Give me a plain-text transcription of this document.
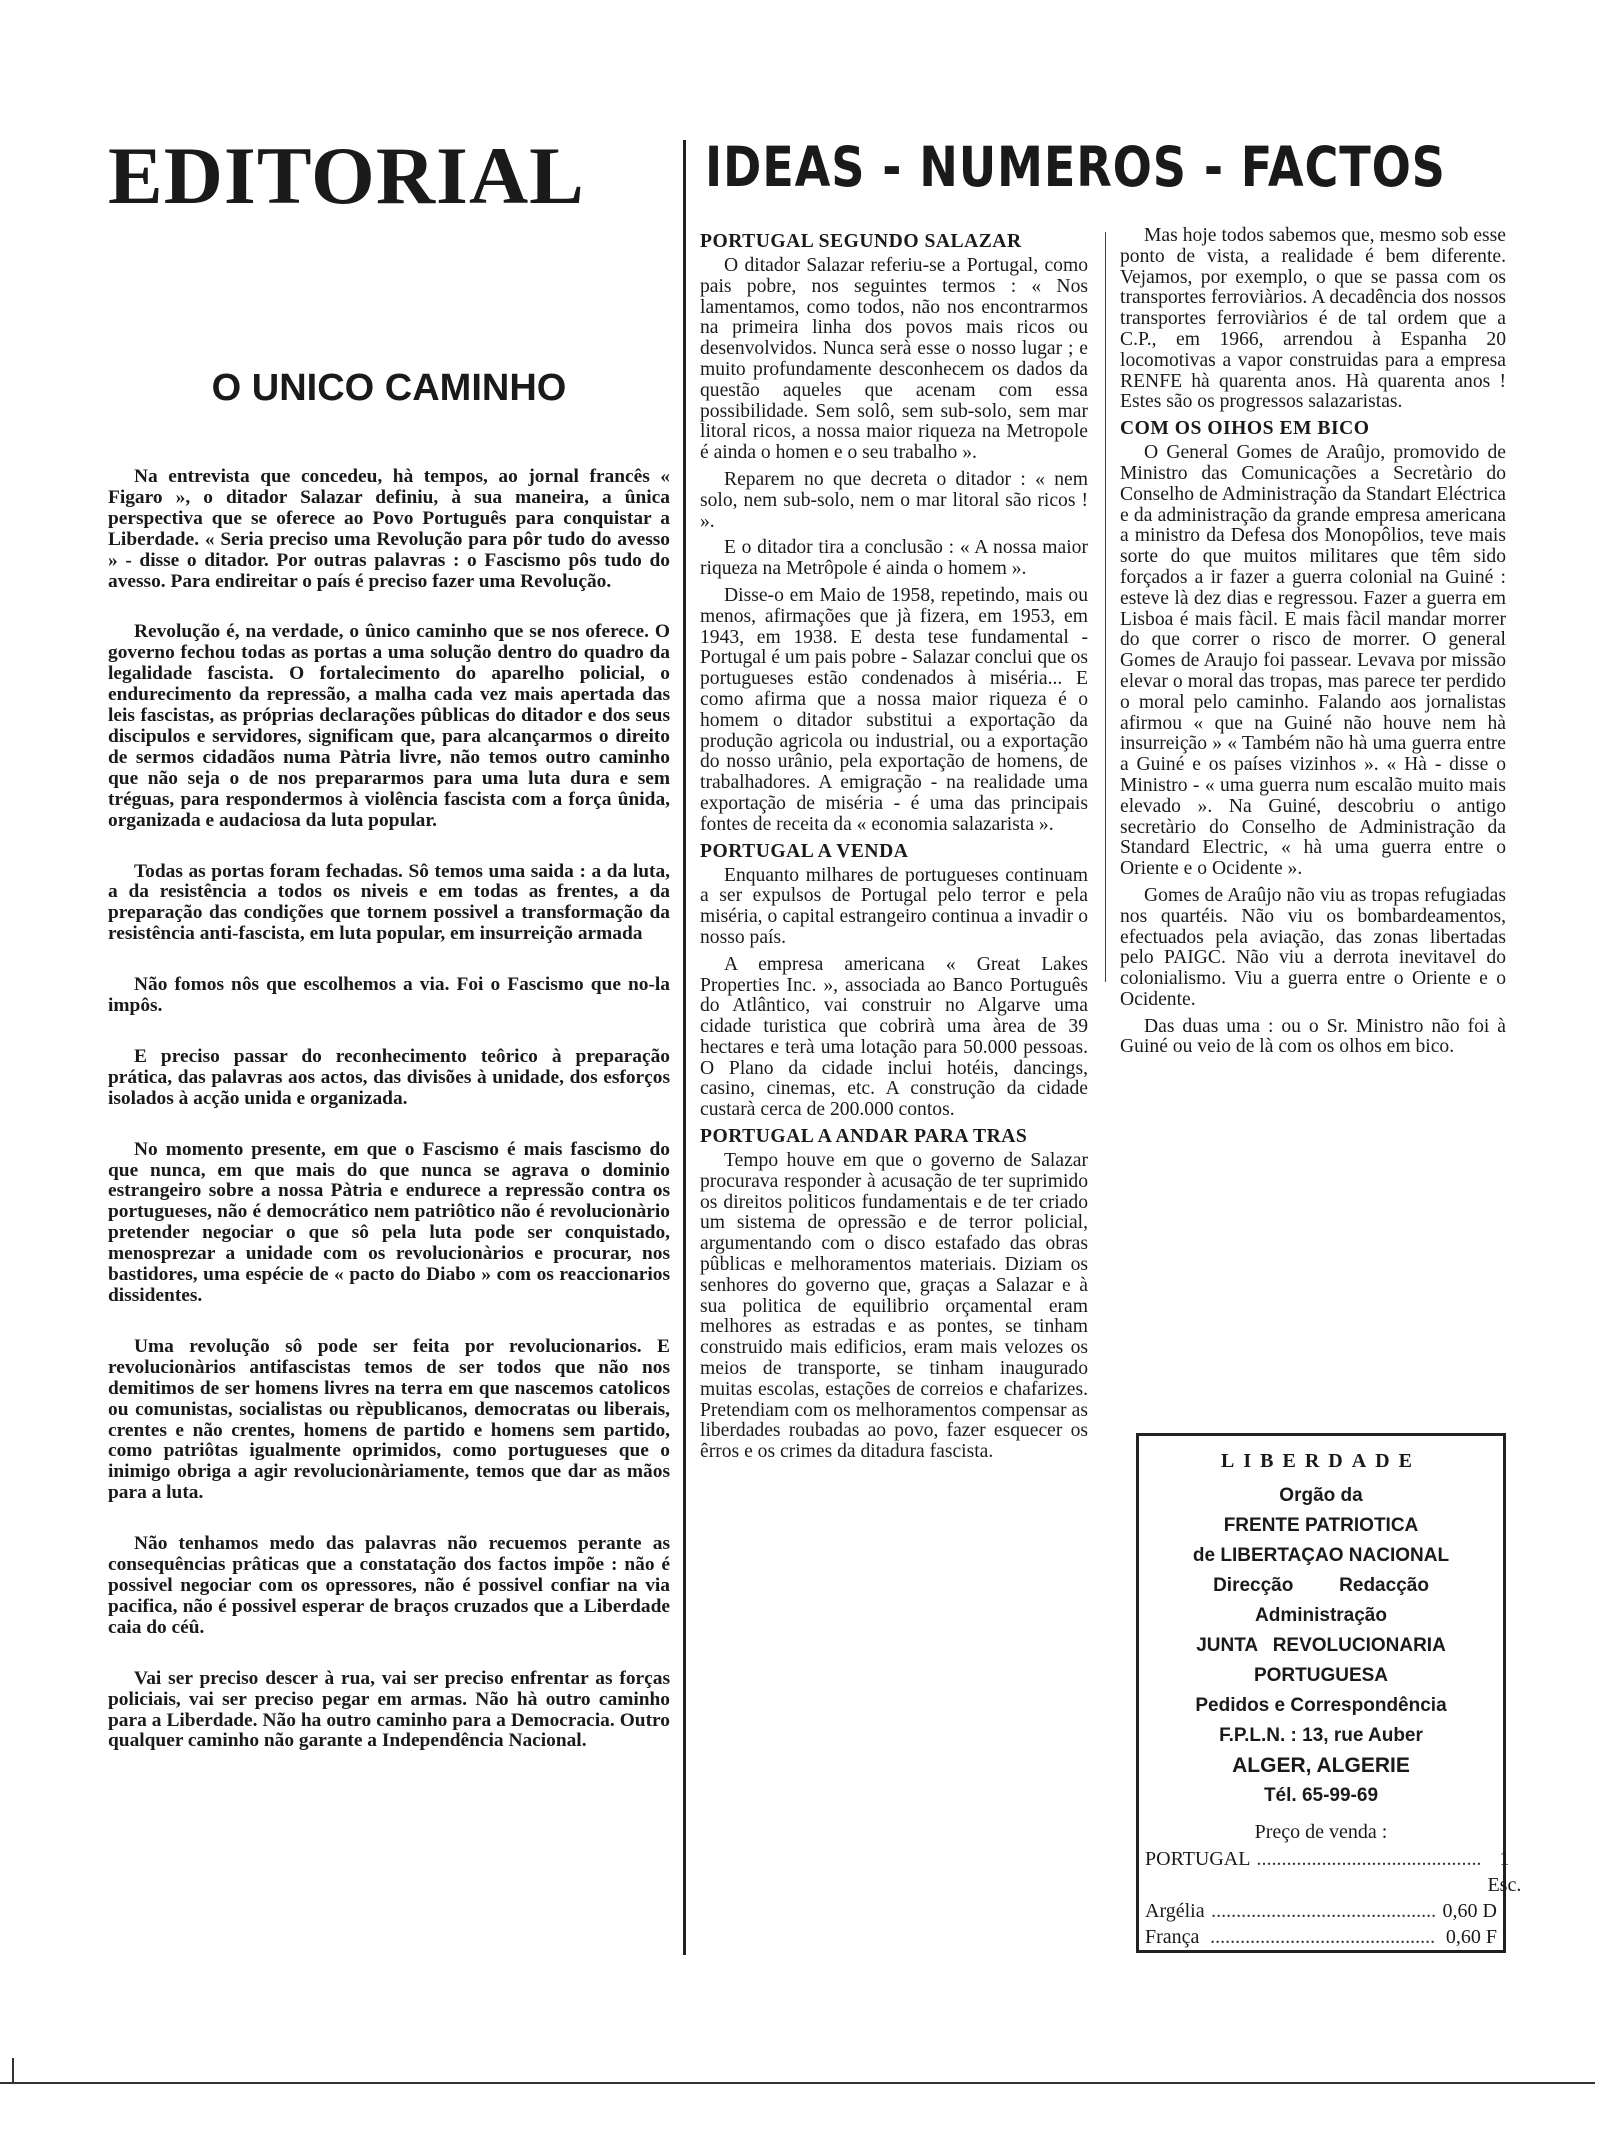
EDITORIAL
O UNICO CAMINHO

Na entrevista que concedeu, hà tempos, ao jornal francês « Figaro », o ditador Salazar definiu, à sua maneira, a ûnica perspectiva que se oferece ao Povo Português para conquistar a Liberdade. « Seria preciso uma Revolução para pôr tudo do avesso » - disse o ditador. Por outras palavras : o Fascismo pôs tudo do avesso. Para endireitar o país é preciso fazer uma Revolução.

Revolução é, na verdade, o ûnico caminho que se nos oferece. O governo fechou todas as portas a uma solução dentro do quadro da legalidade fascista. O fortalecimento do aparelho policial, o endurecimento da repressão, a malha cada vez mais apertada das leis fascistas, as próprias declarações pûblicas do ditador e dos seus discipulos e servidores, significam que, para alcançarmos o direito de sermos cidadãos numa Pàtria livre, não temos outro caminho que não seja o de nos prepararmos para uma luta dura e sem tréguas, para respondermos à violência fascista com a força ûnida, organizada e audaciosa da luta popular.

Todas as portas foram fechadas. Sô temos uma saida : a da luta, a da resistência a todos os niveis e em todas as frentes, a da preparação das condições que tornem possivel a transformação da resistência anti-fascista, em luta popular, em insurreição armada

Não fomos nôs que escolhemos a via. Foi o Fascismo que no-la impôs.

E preciso passar do reconhecimento teôrico à preparação prática, das palavras aos actos, das divisões à unidade, dos esforços isolados à acção unida e organizada.

No momento presente, em que o Fascismo é mais fascismo do que nunca, em que mais do que nunca se agrava o dominio estrangeiro sobre a nossa Pàtria e endurece a repressão contra os portugueses, não é democrático nem patriôtico não é revolucionàrio pretender negociar o que sô pela luta pode ser conquistado, menosprezar a unidade com os revolucionàrios e procurar, nos bastidores, uma espécie de « pacto do Diabo » com os reaccionarios dissidentes.

Uma revolução sô pode ser feita por revolucionarios. E revolucionàrios antifascistas temos de ser todos que não nos demitimos de ser homens livres na terra em que nascemos catolicos ou comunistas, socialistas ou rèpublicanos, democratas ou liberais, crentes e não crentes, homens de partido e homens sem partido, como patriôtas igualmente oprimidos, como portugueses que o inimigo obriga a agir revolucionàriamente, temos que dar as mãos para a luta.

Não tenhamos medo das palavras não recuemos perante as consequências prâticas que a constatação dos factos impõe : não é possivel negociar com os opressores, não é possivel confiar na via pacifica, não é possivel esperar de braços cruzados que a Liberdade caia do céû.

Vai ser preciso descer à rua, vai ser preciso enfrentar as forças policiais, vai ser preciso pegar em armas. Não hà outro caminho para a Liberdade. Não ha outro caminho para a Democracia. Outro qualquer caminho não garante a Independência Nacional.

IDEAS - NUMEROS - FACTOS
PORTUGAL SEGUNDO SALAZAR

O ditador Salazar referiu-se a Portugal, como pais pobre, nos seguintes termos : « Nos lamentamos, como todos, não nos encontrarmos na primeira linha dos povos mais ricos ou desenvolvidos. Nunca serà esse o nosso lugar ; e muito profundamente desconhecem os dados da questão aqueles que acenam com essa possibilidade. Sem solô, sem sub-solo, sem mar litoral ricos, a nossa maior riqueza na Metropole é ainda o homen e o seu trabalho ».

Reparem no que decreta o ditador : « nem solo, nem sub-solo, nem o mar litoral são ricos ! ».

E o ditador tira a conclusão : « A nossa maior riqueza na Metrôpole é ainda o homem ».

Disse-o em Maio de 1958, repetindo, mais ou menos, afirmações que jà fizera, em 1953, em 1943, em 1938. E desta tese fundamental - Portugal é um pais pobre - Salazar conclui que os portugueses estão condenados à miséria... E como afirma que a nossa maior riqueza é o homem o ditador substitui a exportação da produção agricola ou industrial, ou a exportação do nosso urânio, pela exportação de homens, de trabalhadores. A emigração - na realidade uma exportação de miséria - é uma das principais fontes de receita da « economia salazarista ».

PORTUGAL A VENDA

Enquanto milhares de portugueses continuam a ser expulsos de Portugal pelo terror e pela miséria, o capital estrangeiro continua a invadir o nosso país.

A empresa americana « Great Lakes Properties Inc. », associada ao Banco Português do Atlântico, vai construir no Algarve uma cidade turistica que cobrirà uma àrea de 39 hectares e terà uma lotação para 50.000 pessoas. O Plano da cidade inclui hotéis, dancings, casino, cinemas, etc. A construção da cidade custarà cerca de 200.000 contos.

PORTUGAL A ANDAR PARA TRAS

Tempo houve em que o governo de Salazar procurava responder à acusação de ter suprimido os direitos politicos fundamentais e de ter criado um sistema de opressão e de terror policial, argumentando com o disco estafado das obras pûblicas e melhoramentos materiais. Diziam os senhores do governo que, graças a Salazar e à sua politica de equilibrio orçamental eram melhores as estradas e as pontes, se tinham construido mais edificios, eram mais velozes os meios de transporte, se tinham inaugurado muitas escolas, estações de correios e chafarizes. Pretendiam com os melhoramentos compensar as liberdades roubadas ao povo, fazer esquecer os êrros e os crimes da ditadura fascista.

Mas hoje todos sabemos que, mesmo sob esse ponto de vista, a realidade é bem diferente. Vejamos, por exemplo, o que se passa com os transportes ferroviàrios. A decadência dos nossos transportes ferroviàrios é de tal ordem que a C.P., em 1966, arrendou à Espanha 20 locomotivas a vapor construidas para a empresa RENFE hà quarenta anos. Hà quarenta anos ! Estes são os progressos salazaristas.

COM OS OIHOS EM BICO

O General Gomes de Araûjo, promovido de Ministro das Comunicações a Secretàrio do Conselho de Administração da Standart Eléctrica e da administração da grande empresa americana a ministro da Defesa dos Monopôlios, teve mais sorte do que muitos militares que têm sido forçados a ir fazer a guerra colonial na Guiné : esteve là dez dias e regressou. Fazer a guerra em Lisboa é mais fàcil. E mais fàcil mandar morrer do que correr o risco de morrer. O general Gomes de Araujo foi passear. Levava por missão elevar o moral das tropas, mas parece ter perdido o moral pelo caminho. Falando aos jornalistas afirmou « que na Guiné não houve nem hà insurreição » « Também não hà uma guerra entre a Guiné e os países vizinhos ». « Hà - disse o Ministro - « uma guerra num escalão muito mais elevado ». Na Guiné, descobriu o antigo secretàrio do Conselho de Administração da Standard Electric, « hà uma guerra entre o Oriente e o Ocidente ».

Gomes de Araûjo não viu as tropas refugiadas nos quartéis. Não viu os bombardeamentos, efectuados pela aviação, das zonas libertadas pelo PAIGC. Não viu a derrota inevitavel do colonialismo. Viu a guerra entre o Oriente e o Ocidente.

Das duas uma : ou o Sr. Ministro não foi à Guiné ou veio de là com os olhos em bico.

LIBERDADE
Orgão da
FRENTE PATRIOTICA
de LIBERTAÇAO NACIONAL
Direcção   Redacção
Administração
JUNTA REVOLUCIONARIA
PORTUGUESA
Pedidos e Correspondência
F.P.L.N. : 13, rue Auber
ALGER, ALGERIE
Tél. 65-99-69
Preço de venda :
PORTUGAL ............................................. 1 Esc.
Argélia ............................................. 0,60 D
França ............................................. 0,60 F
